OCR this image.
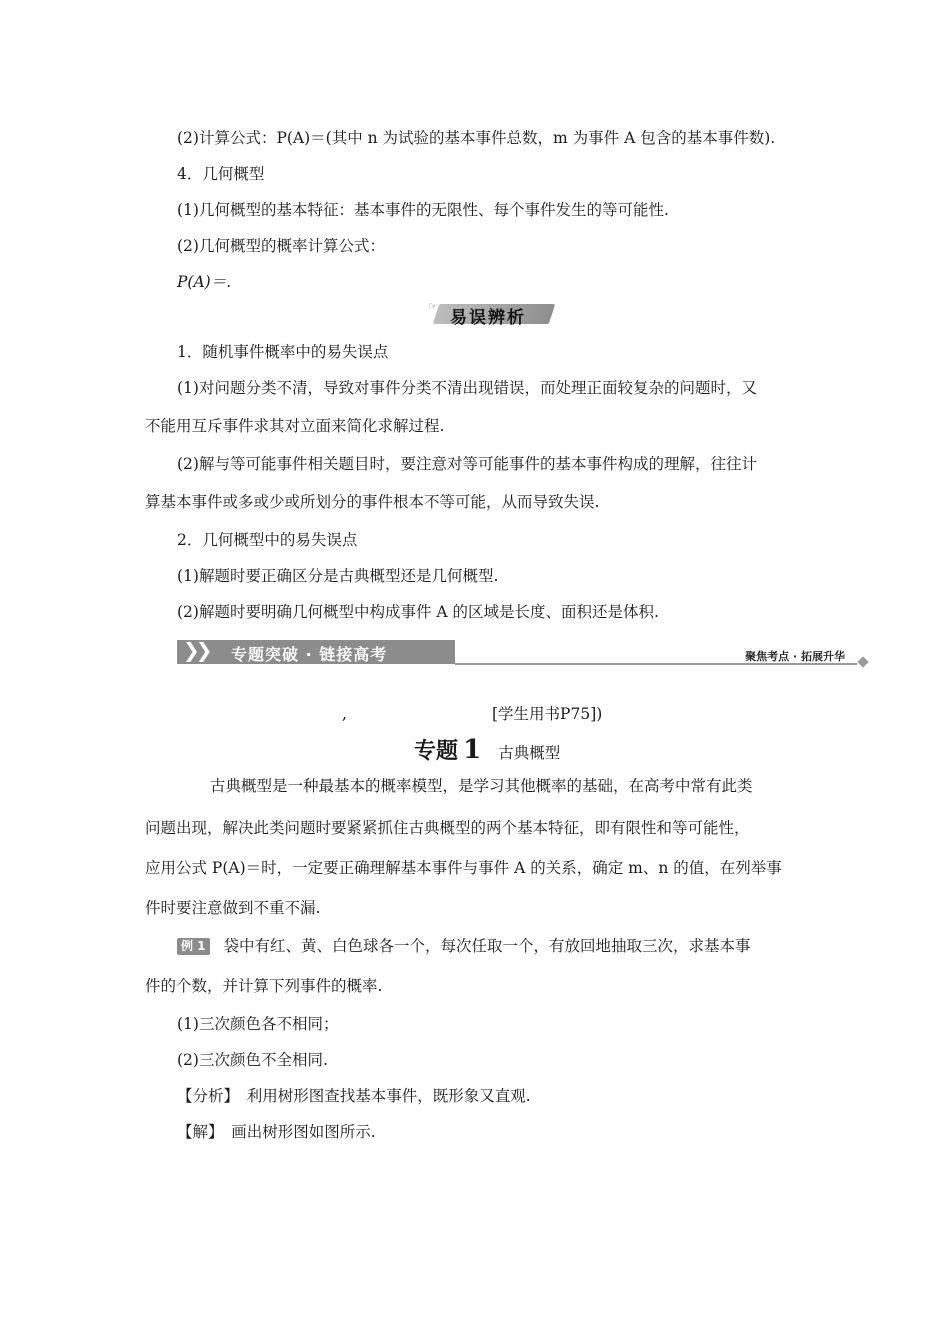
(2)计算公式：P(A)＝(其中 n 为试验的基本事件总数，m 为事件 A 包含的基本事件数).
4．几何概型
(1)几何概型的基本特征：基本事件的无限性、每个事件发生的等可能性.
(2)几何概型的概率计算公式：
P(A)＝.
☞
易误辨析
1．随机事件概率中的易失误点
(1)对问题分类不清，导致对事件分类不清出现错误，而处理正面较复杂的问题时，又
不能用互斥事件求其对立面来简化求解过程.
(2)解与等可能事件相关题目时，要注意对等可能事件的基本事件构成的理解，往往计
算基本事件或多或少或所划分的事件根本不等可能，从而导致失误.
2．几何概型中的易失误点
(1)解题时要正确区分是古典概型还是几何概型.
(2)解题时要明确几何概型中构成事件 A 的区域是长度、面积还是体积.
❯❯ 专题突破 · 链接高考	聚焦考点 · 拓展升华
,	[学生用书P75])
专题 1 古典概型
古典概型是一种最基本的概率模型，是学习其他概率的基础，在高考中常有此类
问题出现，解决此类问题时要紧紧抓住古典概型的两个基本特征，即有限性和等可能性，
应用公式 P(A)＝时，一定要正确理解基本事件与事件 A 的关系，确定 m、n 的值，在列举事
件时要注意做到不重不漏.
例 1 袋中有红、黄、白色球各一个，每次任取一个，有放回地抽取三次，求基本事
件的个数，并计算下列事件的概率.
(1)三次颜色各不相同；
(2)三次颜色不全相同.
【分析】　利用树形图查找基本事件，既形象又直观.
【解】　画出树形图如图所示.
